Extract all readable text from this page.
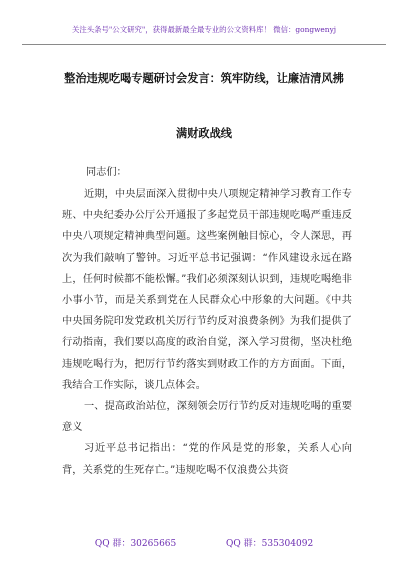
关注头条号"公文研究"，获得最新最全最专业的公文资料库！ 微信：gongwenyj
整治违规吃喝专题研讨会发言：筑牢防线，让廉洁清风拂
满财政战线
同志们：

近期，中央层面深入贯彻中央八项规定精神学习教育工作专班、中央纪委办公厅公开通报了多起党员干部违规吃喝严重违反中央八项规定精神典型问题。这些案例触目惊心，令人深思，再次为我们敲响了警钟。习近平总书记强调：“作风建设永远在路上，任何时候都不能松懈。”我们必须深刻认识到，违规吃喝绝非小事小节，而是关系到党在人民群众心中形象的大问题。《中共中央国务院印发党政机关厉行节约反对浪费条例》为我们提供了行动指南，我们要以高度的政治自觉，深入学习贯彻，坚决杜绝违规吃喝行为，把厉行节约落实到财政工作的方方面面。下面，我结合工作实际，谈几点体会。

一、提高政治站位，深刻领会厉行节约反对违规吃喝的重要意义

习近平总书记指出：“党的作风是党的形象，关系人心向背，关系党的生死存亡。”违规吃喝不仅浪费公共资

QQ 群：30265665	QQ 群：535304092
